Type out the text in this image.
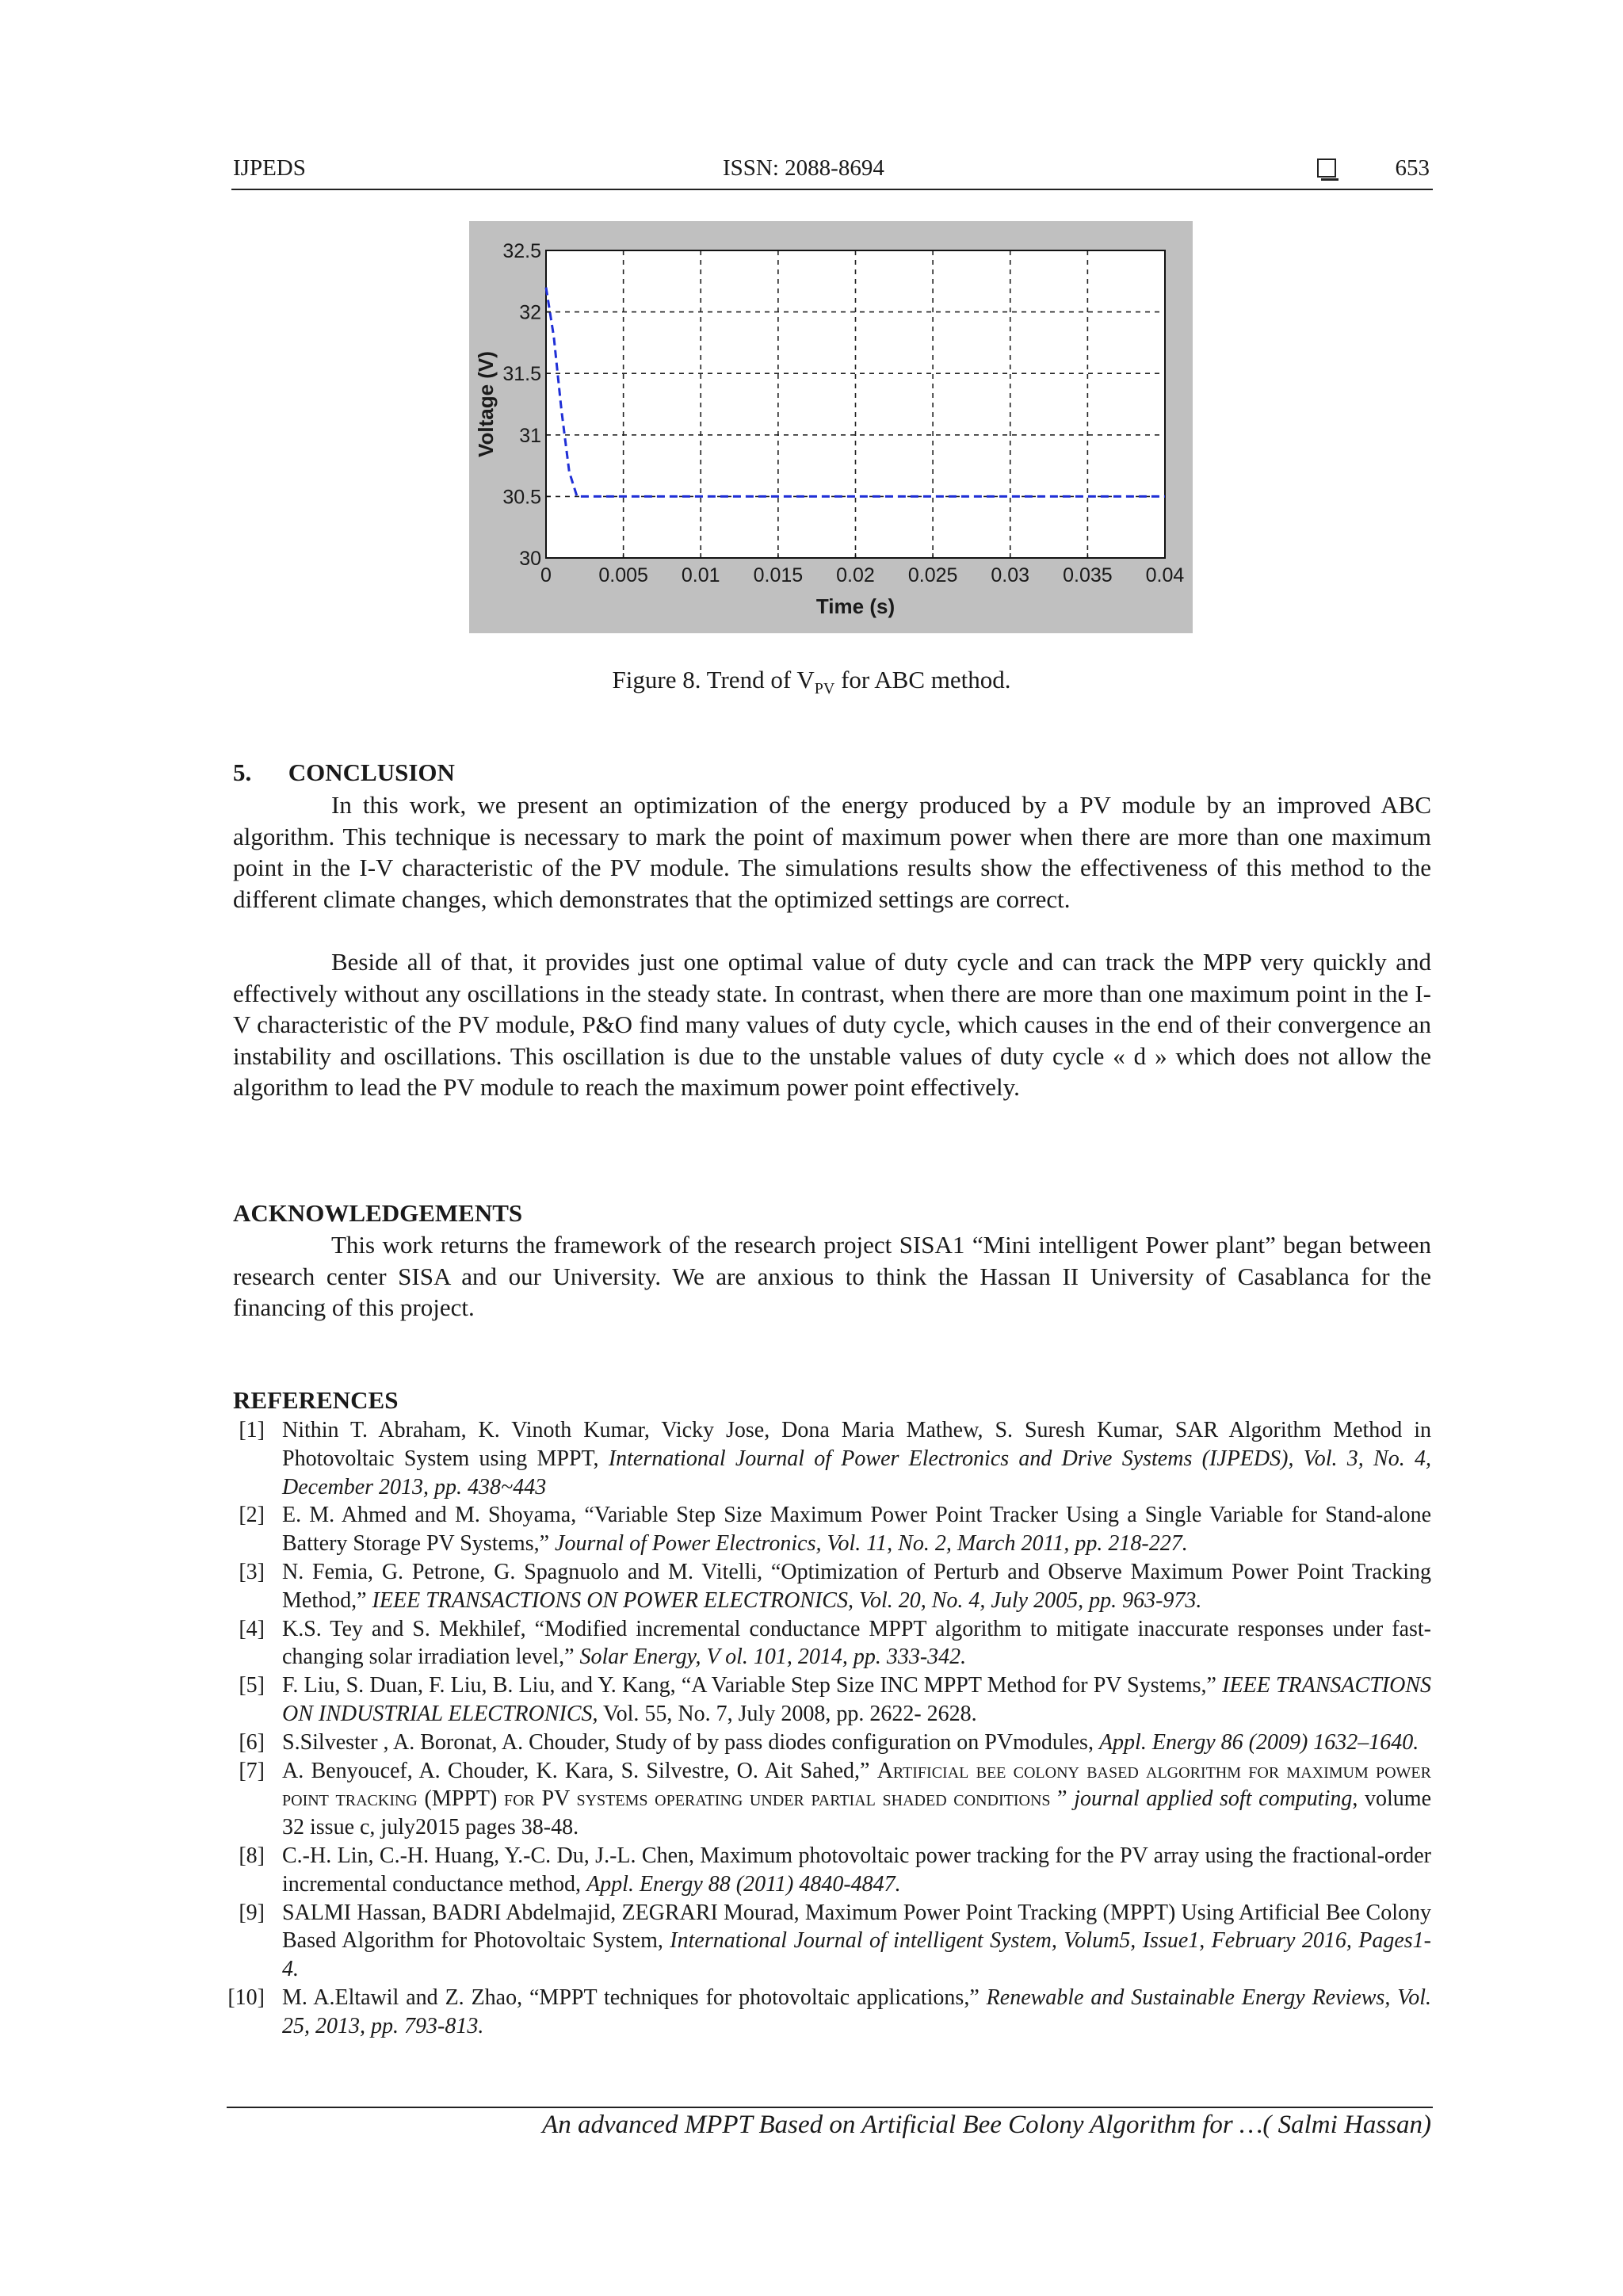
IJPEDS	ISSN: 2088-8694	653
0 0.005 0.01 0.015 0.02 0.025 0.03 0.035 0.04
30
30.5
31
31.5
32
32.5
Time (s)
Voltage (V)
Figure 8. Trend of $V_{PV}$ for ABC method.
5.      CONCLUSION
In this work, we present an optimization of the energy produced by a PV module by an improved ABC algorithm. This technique is necessary to mark the point of maximum power when there are more than one maximum point in the I-V characteristic of the PV module. The simulations results show the effectiveness of this method to the different climate changes, which demonstrates that the optimized settings are correct.
Beside all of that, it provides just one optimal value of duty cycle and can track the MPP very quickly and effectively without any oscillations in the steady state. In contrast, when there are more than one maximum point in the I-V characteristic of the PV module, P&O find many values of duty cycle, which causes in the end of their convergence an instability and oscillations. This oscillation is due to the unstable values of duty cycle « d » which does not allow the algorithm to lead the PV module to reach the maximum power point effectively.
ACKNOWLEDGEMENTS
This work returns the framework of the research project SISA1 “Mini intelligent Power plant” began between research center SISA and our University. We are anxious to think the Hassan II University of Casablanca for the financing of this project.
REFERENCES
[1] Nithin T. Abraham, K. Vinoth Kumar, Vicky Jose, Dona Maria Mathew, S. Suresh Kumar, SAR Algorithm Method in Photovoltaic System using MPPT, International Journal of Power Electronics and Drive Systems (IJPEDS), Vol. 3, No. 4, December 2013, pp. 438~443
[2] E. M. Ahmed and M. Shoyama, “Variable Step Size Maximum Power Point Tracker Using a Single Variable for Stand-alone Battery Storage PV Systems,” Journal of Power Electronics, Vol. 11, No. 2, March 2011, pp. 218-227.
[3] N. Femia, G. Petrone, G. Spagnuolo and M. Vitelli, “Optimization of Perturb and Observe Maximum Power Point Tracking Method,” IEEE TRANSACTIONS ON POWER ELECTRONICS, Vol. 20, No. 4, July 2005, pp. 963-973.
[4] K.S. Tey and S. Mekhilef, “Modified incremental conductance MPPT algorithm to mitigate inaccurate responses under fast-changing solar irradiation level,” Solar Energy, V ol. 101, 2014, pp. 333-342.
[5] F. Liu, S. Duan, F. Liu, B. Liu, and Y. Kang, “A Variable Step Size INC MPPT Method for PV Systems,” IEEE TRANSACTIONS ON INDUSTRIAL ELECTRONICS, Vol. 55, No. 7, July 2008, pp. 2622- 2628.
[6] S.Silvester , A. Boronat, A. Chouder, Study of by pass diodes configuration on PVmodules, Appl. Energy 86 (2009) 1632–1640.
[7] A. Benyoucef, A. Chouder, K. Kara, S. Silvestre, O. Ait Sahed,” Artificial bee colony based algorithm for maximum power point tracking (MPPT) for PV systems operating under partial shaded conditions ” journal applied soft computing, volume 32 issue c, july2015 pages 38-48.
[8] C.-H. Lin, C.-H. Huang, Y.-C. Du, J.-L. Chen, Maximum photovoltaic power tracking for the PV array using the fractional-order incremental conductance method, Appl. Energy 88 (2011) 4840-4847.
[9] SALMI Hassan, BADRI Abdelmajid, ZEGRARI Mourad, Maximum Power Point Tracking (MPPT) Using Artificial Bee Colony Based Algorithm for Photovoltaic System, International Journal of intelligent System, Volum5, Issue1, February 2016, Pages1-4.
[10] M. A.Eltawil and Z. Zhao, “MPPT techniques for photovoltaic applications,” Renewable and Sustainable Energy Reviews, Vol. 25, 2013, pp. 793-813.
An advanced MPPT Based on Artificial Bee Colony Algorithm for …( Salmi Hassan)
